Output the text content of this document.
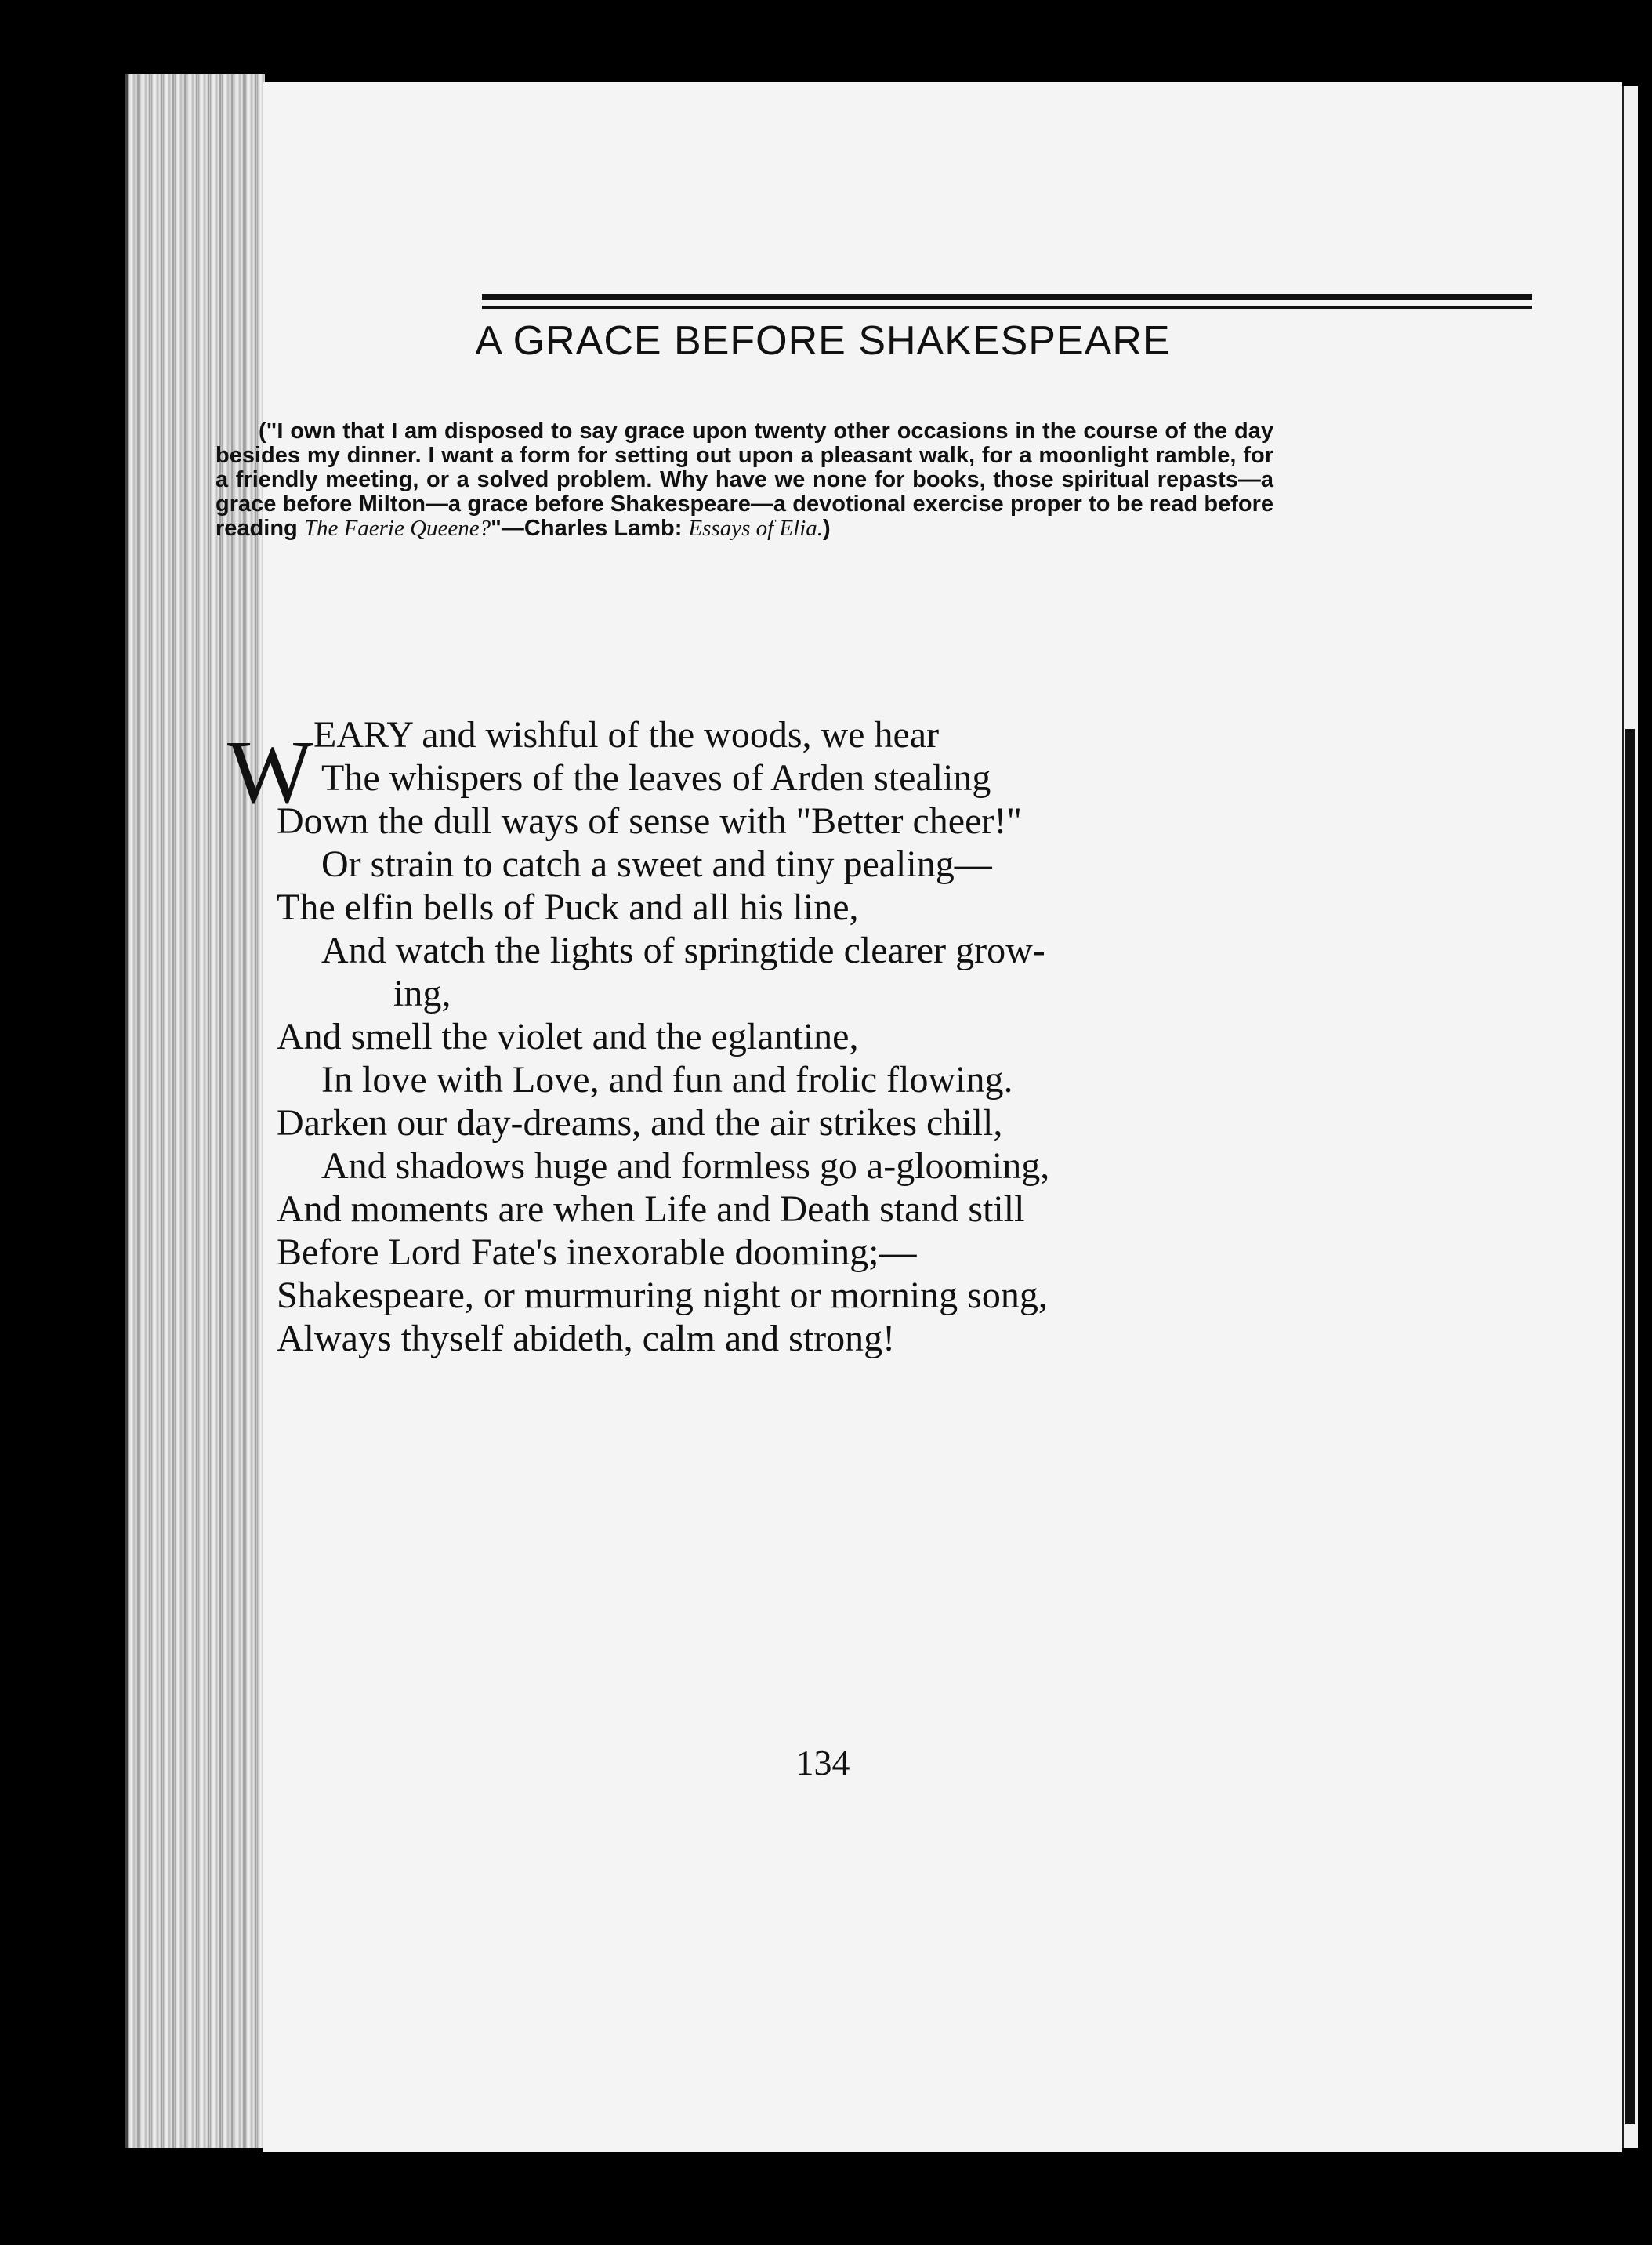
A GRACE BEFORE SHAKESPEARE

("I own that I am disposed to say grace upon twenty other occasions in the course of the day besides my dinner. I want a form for setting out upon a pleasant walk, for a moonlight ramble, for a friendly meeting, or a solved problem. Why have we none for books, those spiritual repasts—a grace before Milton—a grace before Shakespeare—a devotional exercise proper to be read before reading The Faerie Queene?"—Charles Lamb: Essays of Elia.)

W EARY and wishful of the woods, we hear
The whispers of the leaves of Arden stealing
Down the dull ways of sense with "Better cheer!"
Or strain to catch a sweet and tiny pealing—
The elfin bells of Puck and all his line,
And watch the lights of springtide clearer grow-
ing,
And smell the violet and the eglantine,
In love with Love, and fun and frolic flowing.
Darken our day-dreams, and the air strikes chill,
And shadows huge and formless go a-glooming,
And moments are when Life and Death stand still
Before Lord Fate's inexorable dooming;—
Shakespeare, or murmuring night or morning song,
Always thyself abideth, calm and strong!
134
